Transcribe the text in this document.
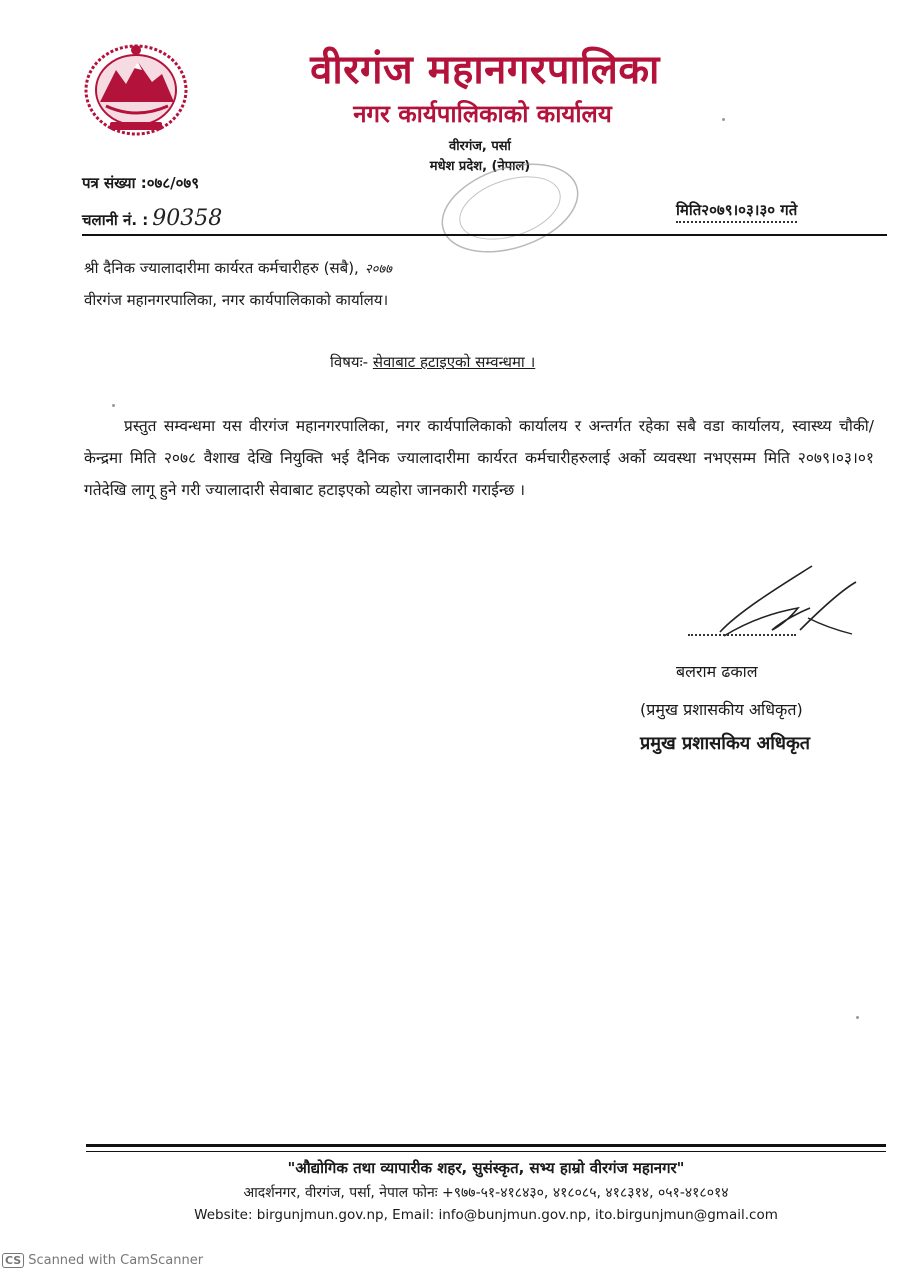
वीरगंज महानगरपालिका
नगर कार्यपालिकाको कार्यालय
वीरगंज, पर्सा
मधेश प्रदेश, (नेपाल)
पत्र संख्या :०७८/०७९
चलानी नं. : 90358	मिति२०७९।०३।३० गते
श्री दैनिक ज्यालादारीमा कार्यरत कर्मचारीहरु (सबै), २०७७
वीरगंज महानगरपालिका, नगर कार्यपालिकाको कार्यालय।
विषयः- सेवाबाट हटाइएको सम्वन्धमा ।
प्रस्तुत सम्वन्धमा यस वीरगंज महानगरपालिका, नगर कार्यपालिकाको कार्यालय र अन्तर्गत रहेका सबै वडा कार्यालय, स्वास्थ्य चौकी/केन्द्रमा मिति २०७८ वैशाख देखि नियुक्ति भई दैनिक ज्यालादारीमा कार्यरत कर्मचारीहरुलाई अर्को व्यवस्था नभएसम्म मिति २०७९।०३।०१ गतेदेखि लागू हुने गरी ज्यालादारी सेवाबाट हटाइएको व्यहोरा जानकारी गराईन्छ ।
बलराम ढकाल
(प्रमुख प्रशासकीय अधिकृत)
प्रमुख प्रशासकिय अधिकृत
"औद्योगिक तथा व्यापारीक शहर, सुसंस्कृत, सभ्य हाम्रो वीरगंज महानगर"
आदर्शनगर, वीरगंज, पर्सा, नेपाल फोनः +९७७-५१-४१८४३०, ४१८०८५, ४१८३१४, ०५१-४१८०१४
Website: birgunjmun.gov.np, Email: info@bunjmun.gov.np, ito.birgunjmun@gmail.com
CS Scanned with CamScanner
